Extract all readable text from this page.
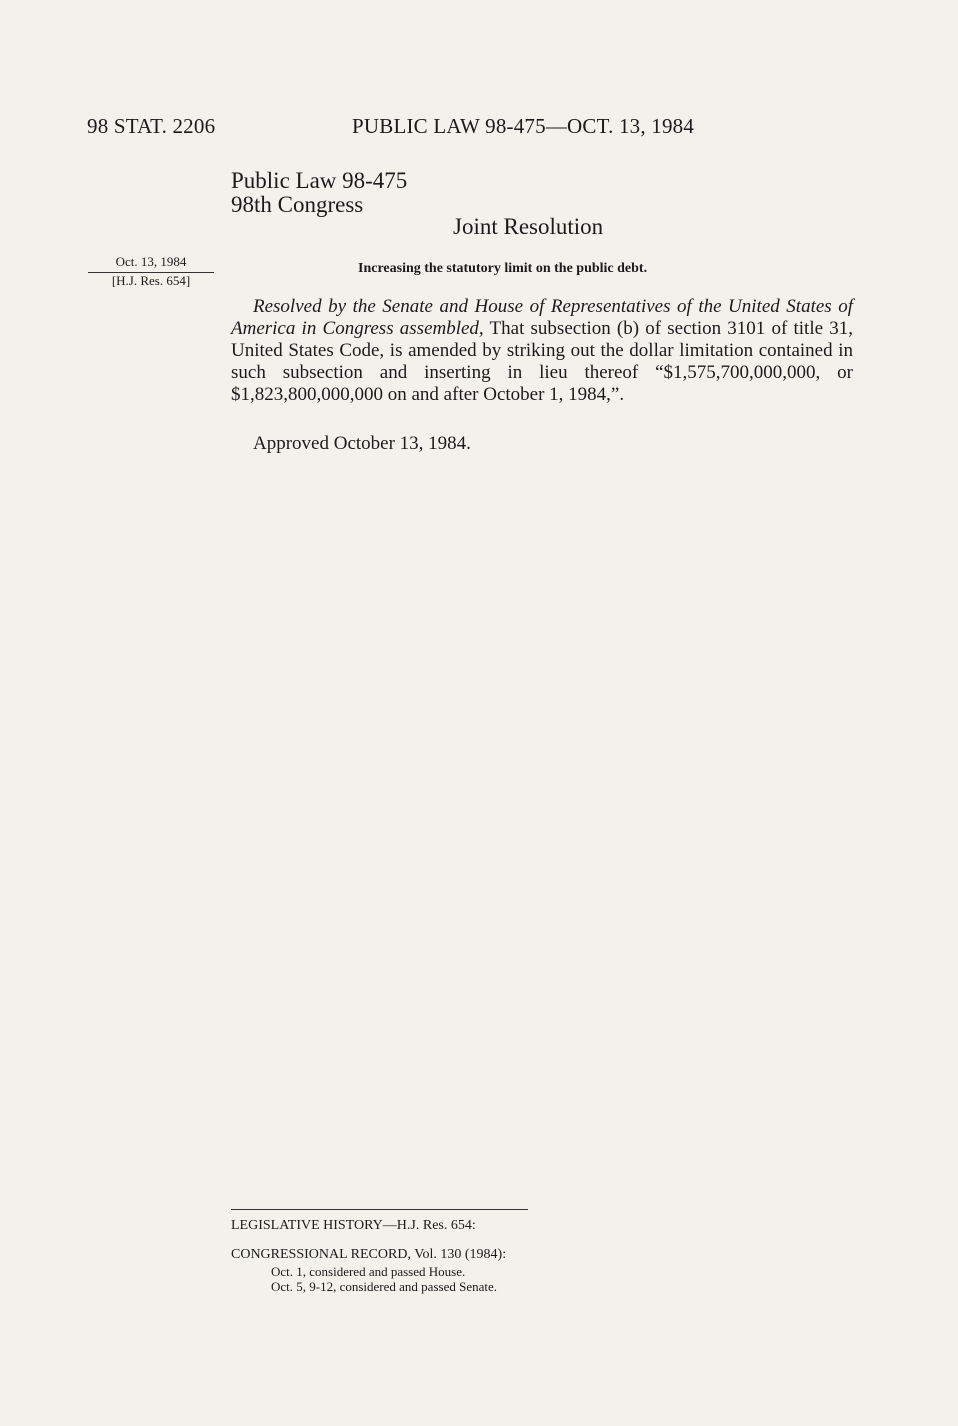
98 STAT. 2206	PUBLIC LAW 98-475—OCT. 13, 1984
Public Law 98-475
98th Congress
Joint Resolution
Oct. 13, 1984
[H.J. Res. 654]
Increasing the statutory limit on the public debt.

Resolved by the Senate and House of Representatives of the United States of America in Congress assembled, That subsection (b) of section 3101 of title 31, United States Code, is amended by striking out the dollar limitation contained in such subsection and inserting in lieu thereof “$1,575,700,000,000, or $1,823,800,000,000 on and after October 1, 1984,”.

Approved October 13, 1984.
LEGISLATIVE HISTORY—H.J. Res. 654:
CONGRESSIONAL RECORD, Vol. 130 (1984):
Oct. 1, considered and passed House.
Oct. 5, 9-12, considered and passed Senate.
